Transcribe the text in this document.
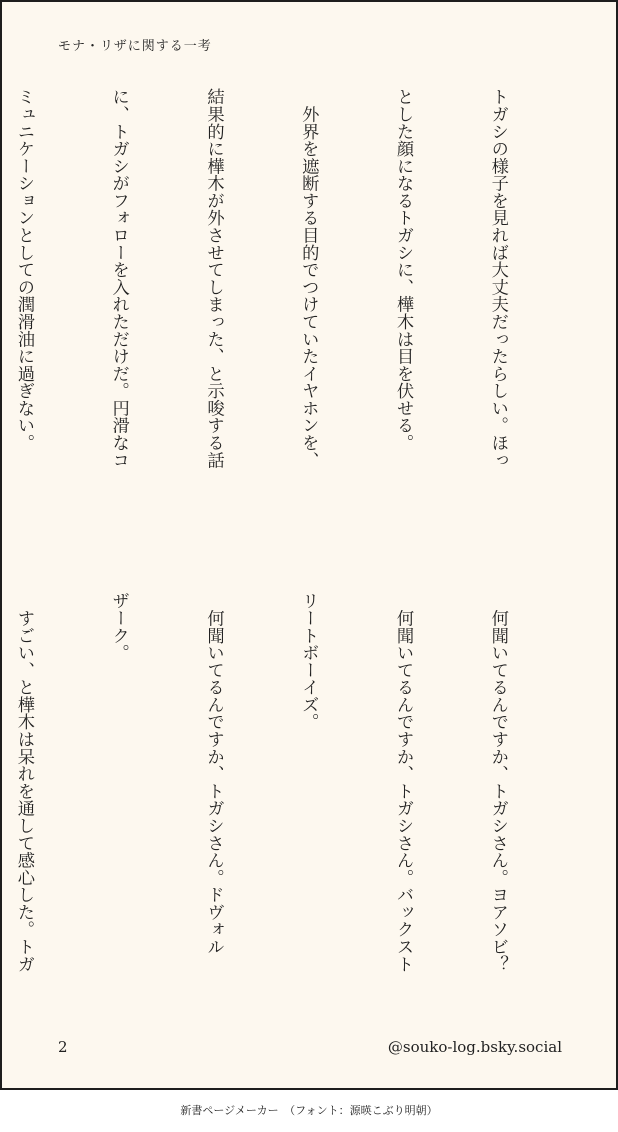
モナ・リザに関する一考

トガシの様子を見れば大丈夫だったらしい。ほっ

とした顔になるトガシに、樺木は目を伏せる。

　外界を遮断する目的でつけていたイヤホンを、

結果的に樺木が外させてしまった、と示唆する話

に、トガシがフォローを入れただけだ。円滑なコ

ミュニケーションとしての潤滑油に過ぎない。

　何聞いてるんですか、トガシさん。ヨアソビ？

　何聞いてるんですか、トガシさん。バックスト

リートボーイズ。

　何聞いてるんですか、トガシさん。ドヴォル

ザーク。

　すごい、と樺木は呆れを通して感心した。トガ

2	@souko-log.bsky.social
新書ページメーカー　（フォント：源暎こぶり明朝）
